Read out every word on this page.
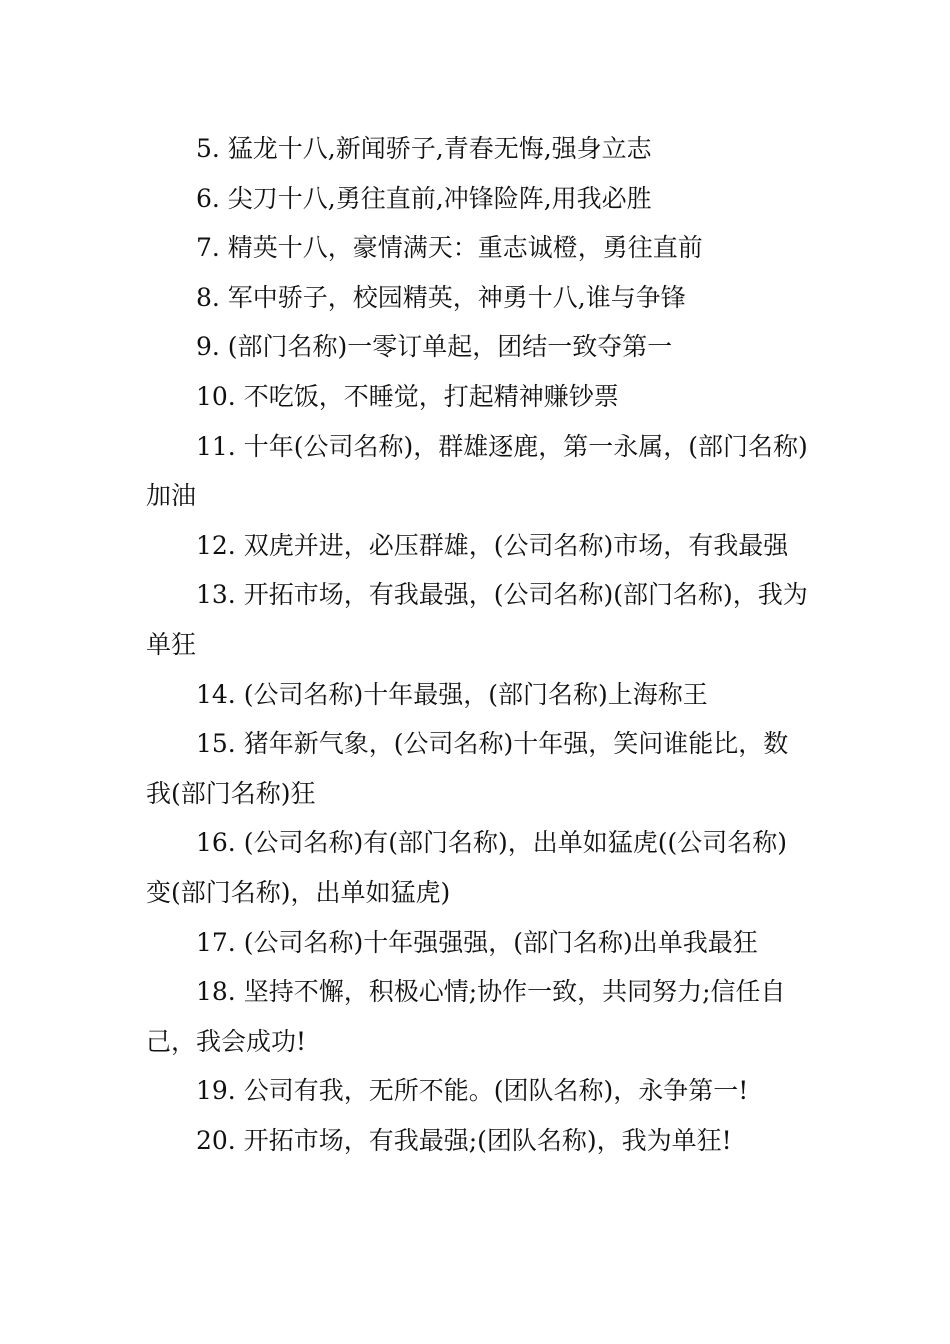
5. 猛龙十八,新闻骄子,青春无悔,强身立志

6. 尖刀十八,勇往直前,冲锋险阵,用我必胜

7. 精英十八，豪情满天：重志诚橙，勇往直前

8. 军中骄子，校园精英，神勇十八,谁与争锋

9. (部门名称)一零订单起，团结一致夺第一

10. 不吃饭，不睡觉，打起精神赚钞票

11. 十年(公司名称)，群雄逐鹿，第一永属，(部门名称)加油

12. 双虎并进，必压群雄，(公司名称)市场，有我最强

13. 开拓市场，有我最强，(公司名称)(部门名称)，我为单狂

14. (公司名称)十年最强，(部门名称)上海称王

15. 猪年新气象，(公司名称)十年强，笑问谁能比，数我(部门名称)狂

16. (公司名称)有(部门名称)，出单如猛虎((公司名称)变(部门名称)，出单如猛虎)

17. (公司名称)十年强强强，(部门名称)出单我最狂

18. 坚持不懈，积极心情;协作一致，共同努力;信任自己，我会成功!

19. 公司有我，无所不能。(团队名称)，永争第一!

20. 开拓市场，有我最强;(团队名称)，我为单狂!
